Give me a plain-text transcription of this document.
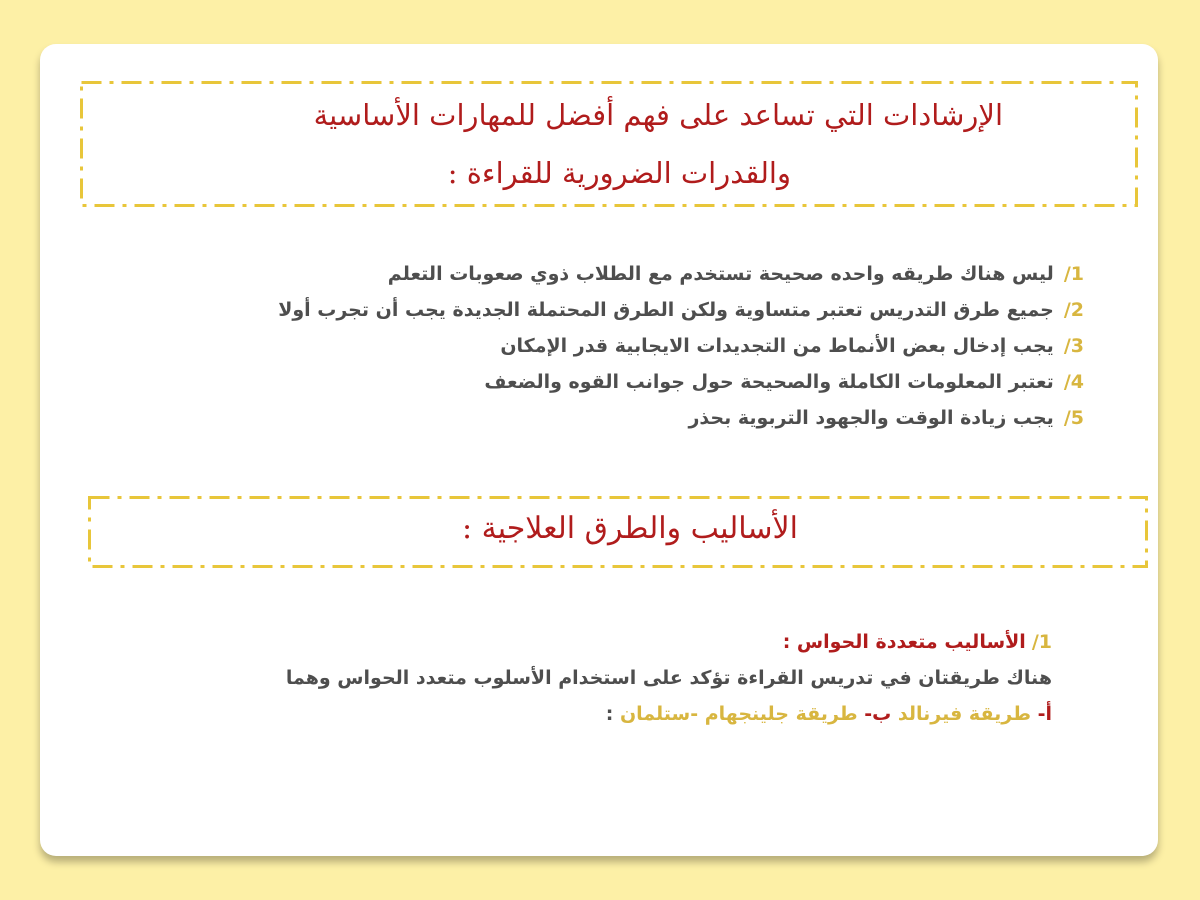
الإرشادات التي تساعد على فهم أفضل للمهارات الأساسية
والقدرات الضرورية للقراءة :
1/ليس هناك طريقه واحده صحيحة تستخدم مع الطلاب ذوي صعوبات التعلم
2/جميع طرق التدريس تعتبر متساوية ولكن الطرق المحتملة الجديدة يجب أن تجرب أولا
3/يجب إدخال بعض الأنماط من التجديدات الايجابية قدر الإمكان
4/تعتبر المعلومات الكاملة والصحيحة حول جوانب القوه والضعف
5/يجب زيادة الوقت والجهود التربوية بحذر
الأساليب والطرق العلاجية :
1/الأساليب متعددة الحواس :
هناك طريقتان في تدريس القراءة تؤكد على استخدام الأسلوب متعدد الحواس وهما
أ- طريقة فيرنالد ب- طريقة جلينجهام -ستلمان :
